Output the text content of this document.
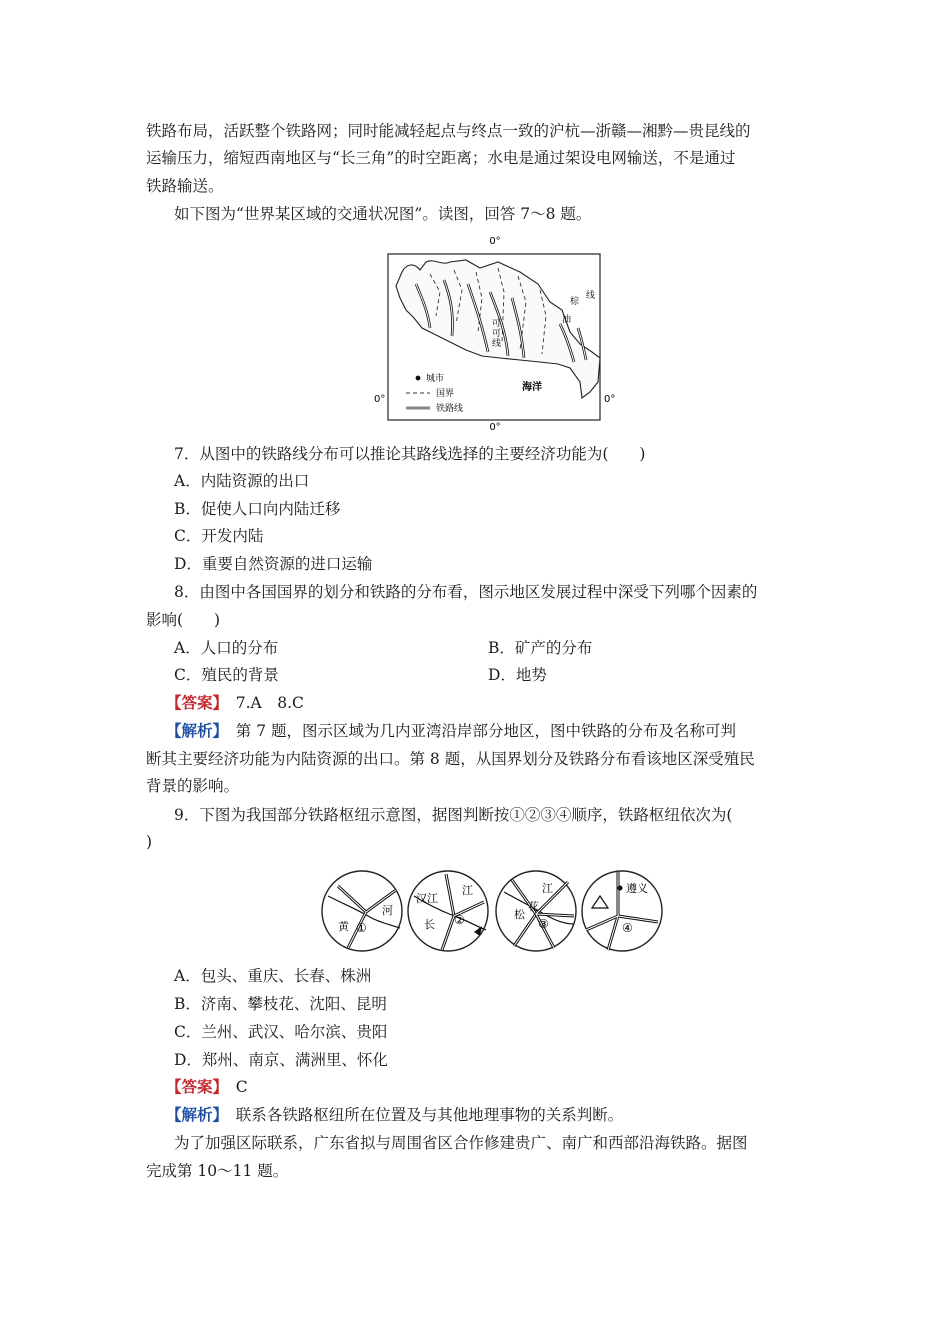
铁路布局，活跃整个铁路网；同时能减轻起点与终点一致的沪杭—浙赣—湘黔—贵昆线的
运输压力，缩短西南地区与“长三角”的时空距离；水电是通过架设电网输送，不是通过
铁路输送。
如下图为“世界某区域的交通状况图”。读图，回答 7～8 题。
0°
可
可
线
棕
油
线
海洋
城市
国界
铁路线
0°	0°
0°
7．从图中的铁路线分布可以推论其路线选择的主要经济功能为(　　)
A．内陆资源的出口
B．促使人口向内陆迁移
C．开发内陆
D．重要自然资源的进口运输
8．由图中各国国界的划分和铁路的分布看，图示地区发展过程中深受下列哪个因素的
影响(　　)
A．人口的分布	B．矿产的分布
C．殖民的背景	D．地势
【答案】　7.A　8.C
【解析】　第 7 题，图示区域为几内亚湾沿岸部分地区，图中铁路的分布及名称可判
断其主要经济功能为内陆资源的出口。第 8 题，从国界划分及铁路分布看该地区深受殖民
背景的影响。
9．下图为我国部分铁路枢纽示意图，据图判断按①②③④顺序，铁路枢纽依次为(
)
黄
河
①
汉江
江
长 ②
江
松
花
③
遵义
④
A．包头、重庆、长春、株洲
B．济南、攀枝花、沈阳、昆明
C．兰州、武汉、哈尔滨、贵阳
D．郑州、南京、满洲里、怀化
【答案】　C
【解析】　联系各铁路枢纽所在位置及与其他地理事物的关系判断。
为了加强区际联系，广东省拟与周围省区合作修建贵广、南广和西部沿海铁路。据图
完成第 10～11 题。
